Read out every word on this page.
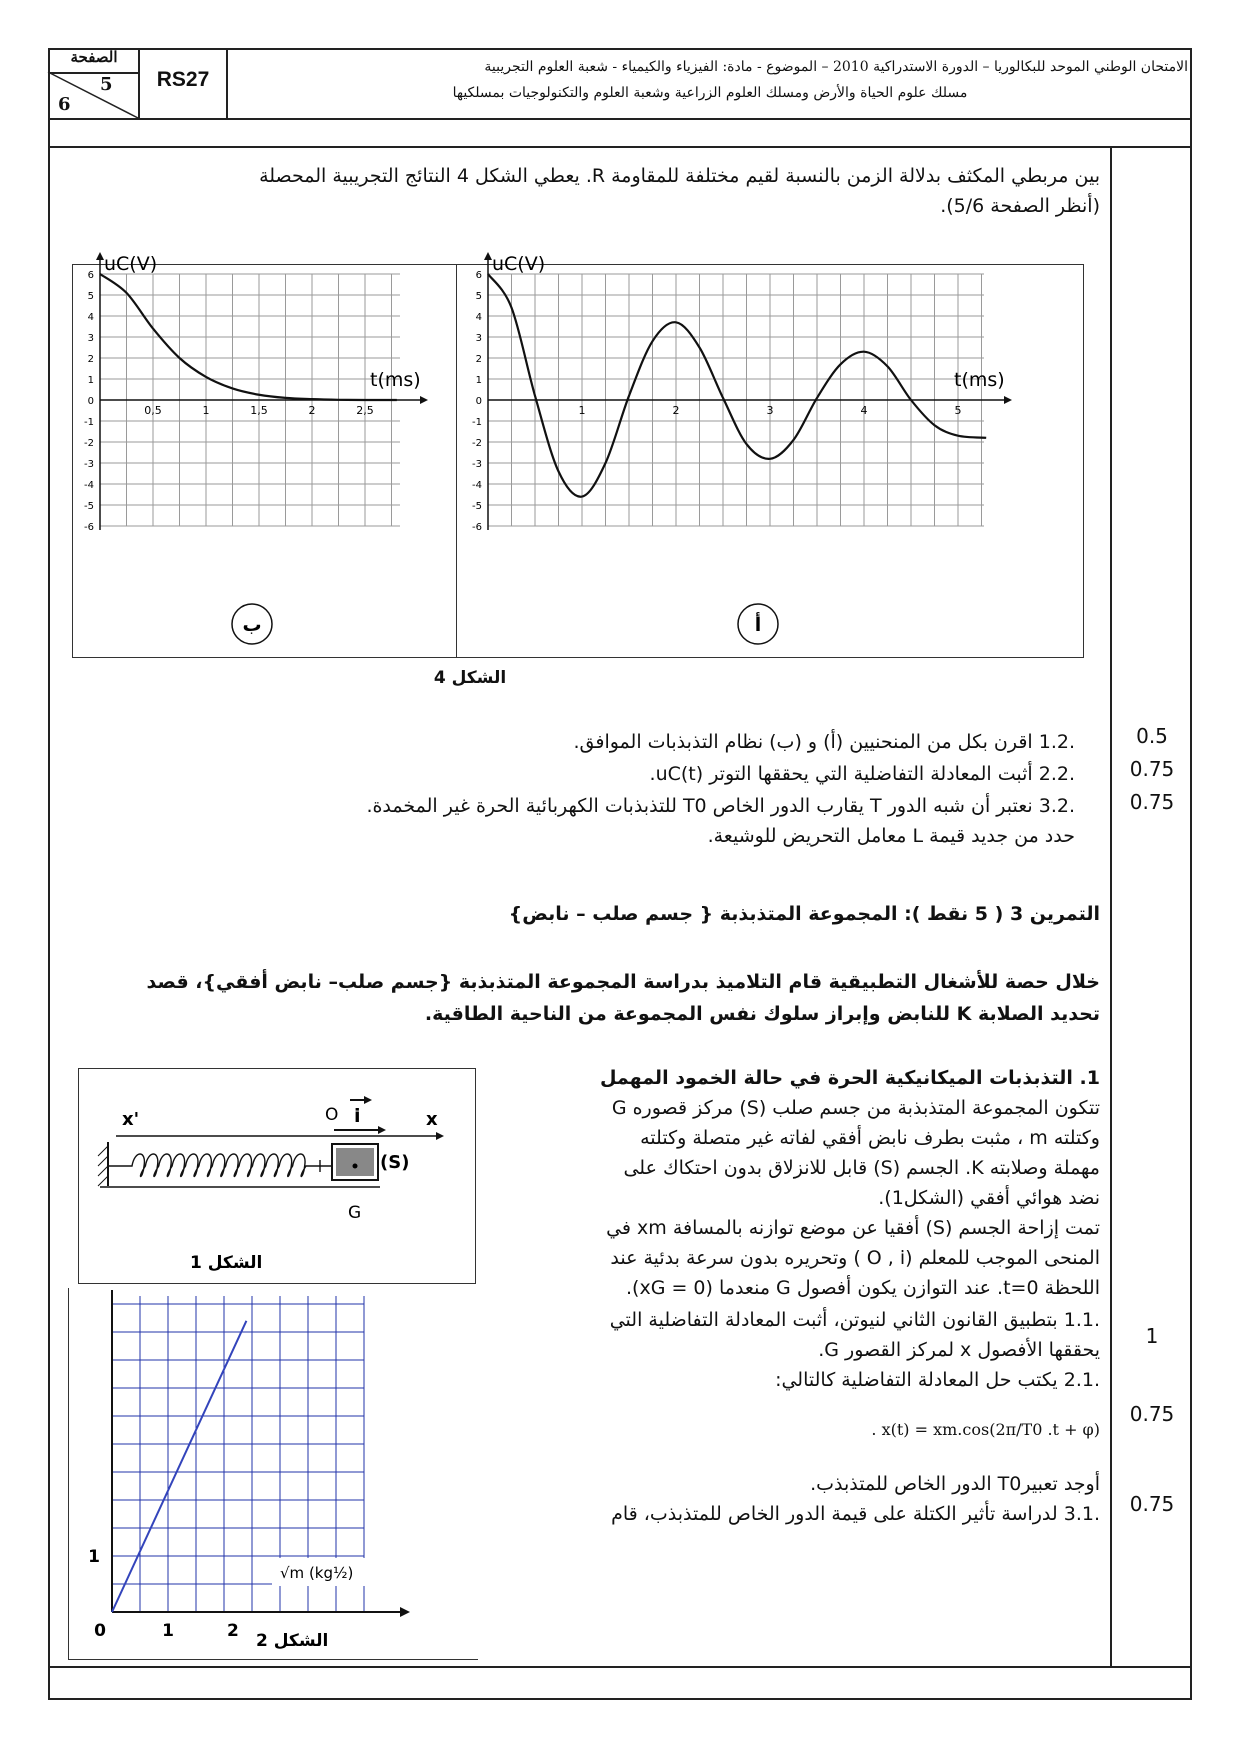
الصفحة
5
6
RS27
الامتحان الوطني الموحد للبكالوريا – الدورة الاستدراكية 2010 – الموضوع - مادة: الفيزياء والكيمياء - شعبة العلوم التجريبية
مسلك علوم الحياة والأرض ومسلك العلوم الزراعية وشعبة العلوم والتكنولوجيات بمسلكيها
بين مربطي المكثف بدلالة الزمن بالنسبة لقيم مختلفة للمقاومة R. يعطي الشكل 4 النتائج التجريبية المحصلة
(أنظر الصفحة 5/6).
6
5
4
3
2
1
0
-1
-2
-3
-4
-5
-6
0,5	1	1,5	2	2,5
uC(V)
t(ms)
ب
6
5
4
3
2
1
0
-1
-2
-3
-4
-5
-6
1	2	3	4	5
uC(V)
t(ms)
أ
الشكل 4
0.5
0.75
0.75
.1.2 اقرن بكل من المنحنيين (أ) و (ب) نظام التذبذبات الموافق.
.2.2 أثبت المعادلة التفاضلية التي يحققها التوتر uC(t).
.3.2 نعتبر أن شبه الدور T يقارب الدور الخاص T0 للتذبذبات الكهربائية الحرة غير المخمدة.
حدد من جديد قيمة L معامل التحريض للوشيعة.
التمرين 3 ( 5 نقط ): المجموعة المتذبذبة { جسم صلب – نابض}
خلال حصة للأشغال التطبيقية قام التلاميذ بدراسة المجموعة المتذبذبة {جسم صلب– نابض أفقي}، قصد
تحديد الصلابة K للنابض وإبراز سلوك نفس المجموعة من الناحية الطاقية.
1. التذبذبات الميكانيكية الحرة في حالة الخمود المهمل
تتكون المجموعة المتذبذبة من جسم صلب (S) مركز قصوره G
وكتلته m ، مثبت بطرف نابض أفقي لفاته غير متصلة وكتلته
مهملة وصلابته K. الجسم (S) قابل للانزلاق بدون احتكاك على
نضد هوائي أفقي (الشكل1).
تمت إزاحة الجسم (S) أفقيا عن موضع توازنه بالمسافة xm في
المنحى الموجب للمعلم (O , i ) وتحريره بدون سرعة بدئية عند
اللحظة t=0. عند التوازن يكون أفصول G منعدما (xG = 0).
1
.1.1 بتطبيق القانون الثاني لنيوتن، أثبت المعادلة التفاضلية التي
يحققها الأفصول x لمركز القصور G.
0.75
.2.1 يكتب حل المعادلة التفاضلية كالتالي:
. x(t) = xm.cos(2π/T0 .t + φ)
أوجد تعبيرT0 الدور الخاص للمتذبذب.
0.75
.3.1 لدراسة تأثير الكتلة على قيمة الدور الخاص للمتذبذب، قام
x'	x
O i
(S)
G
الشكل 1
0	1	2
1
√m (kg½)
الشكل 2
